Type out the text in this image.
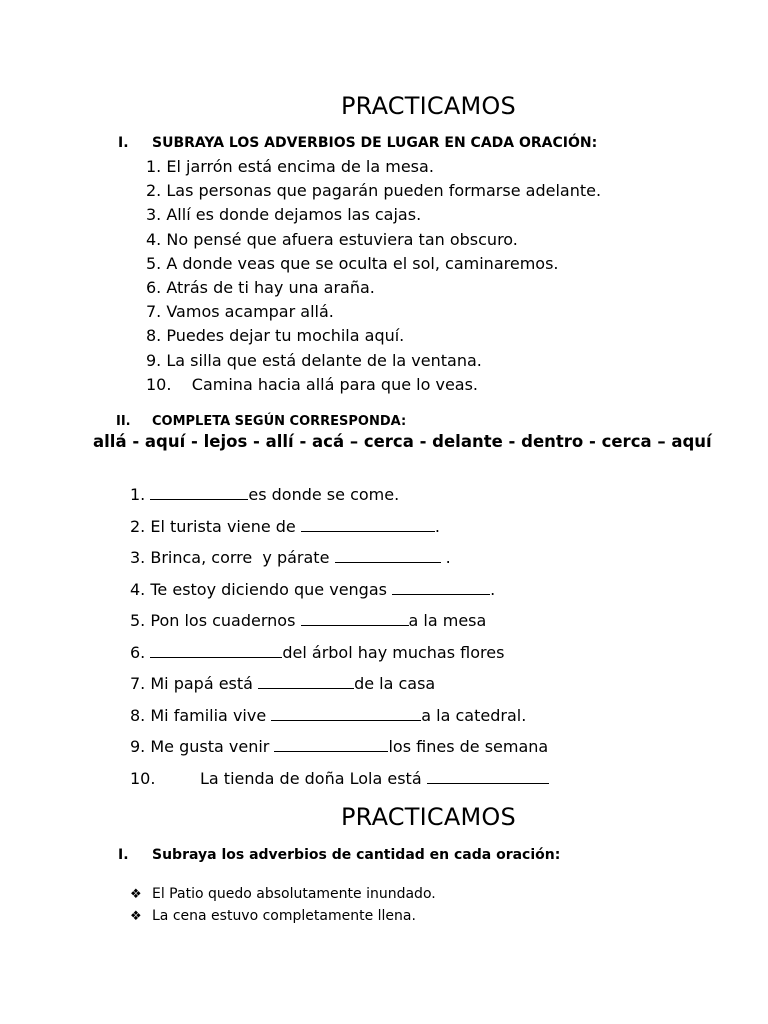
PRACTICAMOS
I. SUBRAYA LOS ADVERBIOS DE LUGAR EN CADA ORACIÓN:
1. El jarrón está encima de la mesa.
2. Las personas que pagarán pueden formarse adelante.
3. Allí es donde dejamos las cajas.
4. No pensé que afuera estuviera tan obscuro.
5. A donde veas que se oculta el sol, caminaremos.
6. Atrás de ti hay una araña.
7. Vamos acampar allá.
8. Puedes dejar tu mochila aquí.
9. La silla que está delante de la ventana.
10.    Camina hacia allá para que lo veas.
II. COMPLETA SEGÚN CORRESPONDA:
allá - aquí - lejos - allí - acá – cerca - delante - dentro - cerca – aquí
1.	es donde se come.
2. El turista viene de	.
3. Brinca, corre  y párate	.
4. Te estoy diciendo que vengas	.
5. Pon los cuadernos	a la mesa
6.	del árbol hay muchas flores
7. Mi papá está	de la casa
8. Mi familia vive	a la catedral.
9. Me gusta venir	los fines de semana
10.	La tienda de doña Lola está
PRACTICAMOS
I. Subraya los adverbios de cantidad en cada oración:
❖ El Patio quedo absolutamente inundado.
❖ La cena estuvo completamente llena.
